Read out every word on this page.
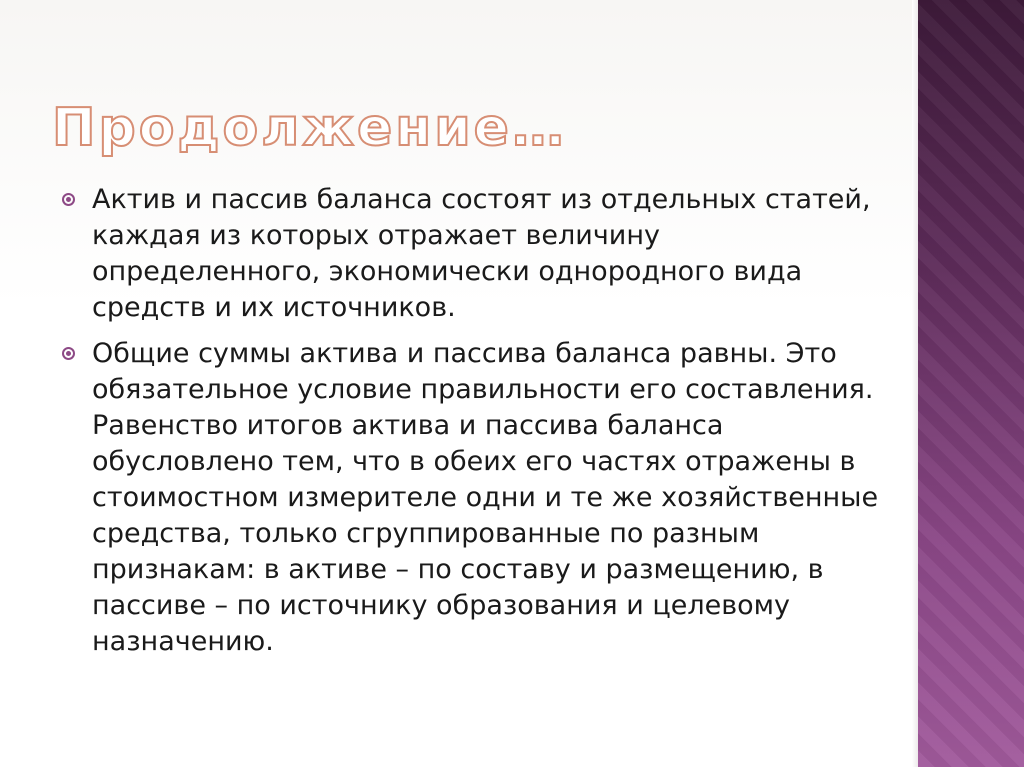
Продолжение…
Актив и пассив баланса состоят из отдельных статей, каждая из которых отражает величину определенного, экономически однородного вида средств и их источников.
Общие суммы актива и пассива баланса равны. Это обязательное условие правильности его составления. Равенство итогов актива и пассива баланса обусловлено тем, что в обеих его частях отражены в стоимостном измерителе одни и те же хозяйственные средства, только сгруппированные по разным признакам: в активе – по составу и размещению, в пассиве – по источнику образования и целевому назначению.
